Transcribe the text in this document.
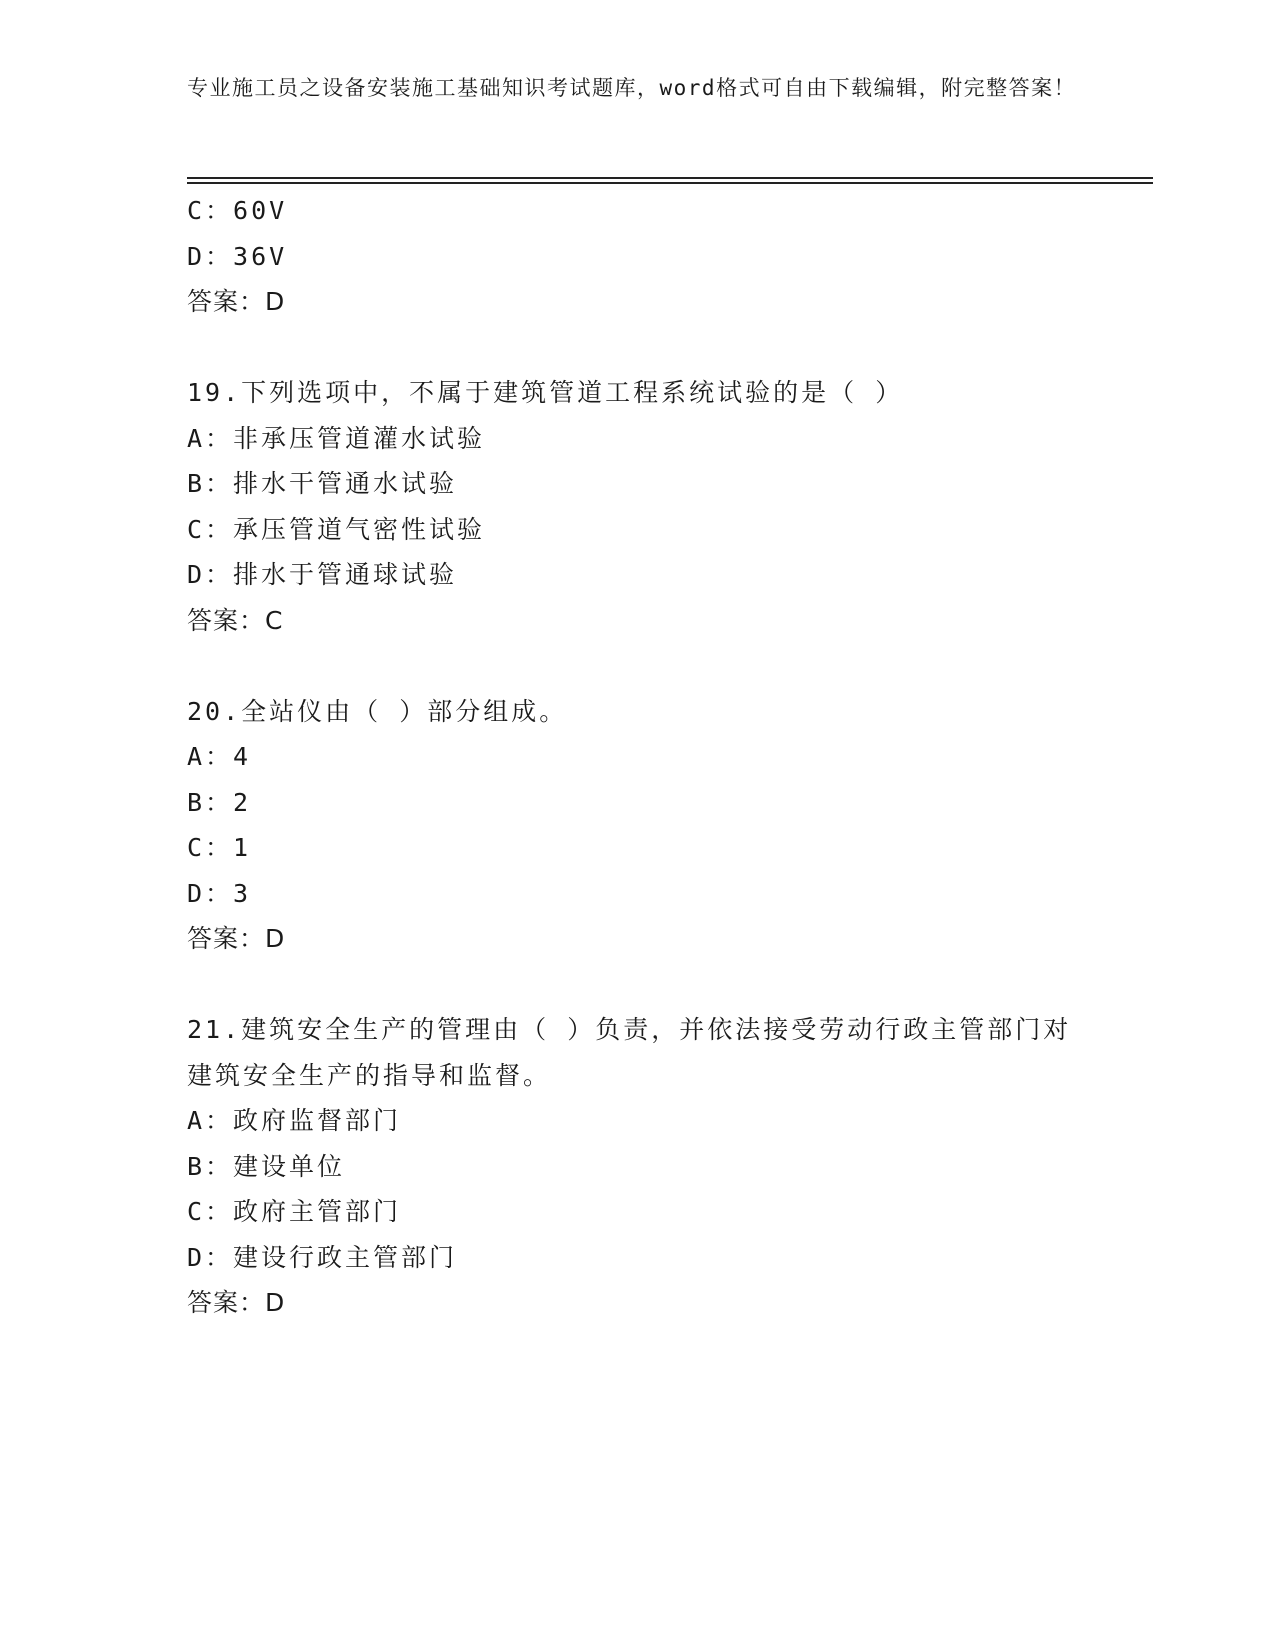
专业施工员之设备安装施工基础知识考试题库，word格式可自由下载编辑，附完整答案！
C：60V
D：36V
答案：D
19.下列选项中，不属于建筑管道工程系统试验的是（ ）
A：非承压管道灌水试验
B：排水干管通水试验
C：承压管道气密性试验
D：排水于管通球试验
答案：C
20.全站仪由（ ）部分组成。
A：4
B：2
C：1
D：3
答案：D
21.建筑安全生产的管理由（ ）负责，并依法接受劳动行政主管部门对建筑安全生产的指导和监督。
A：政府监督部门
B：建设单位
C：政府主管部门
D：建设行政主管部门
答案：D
